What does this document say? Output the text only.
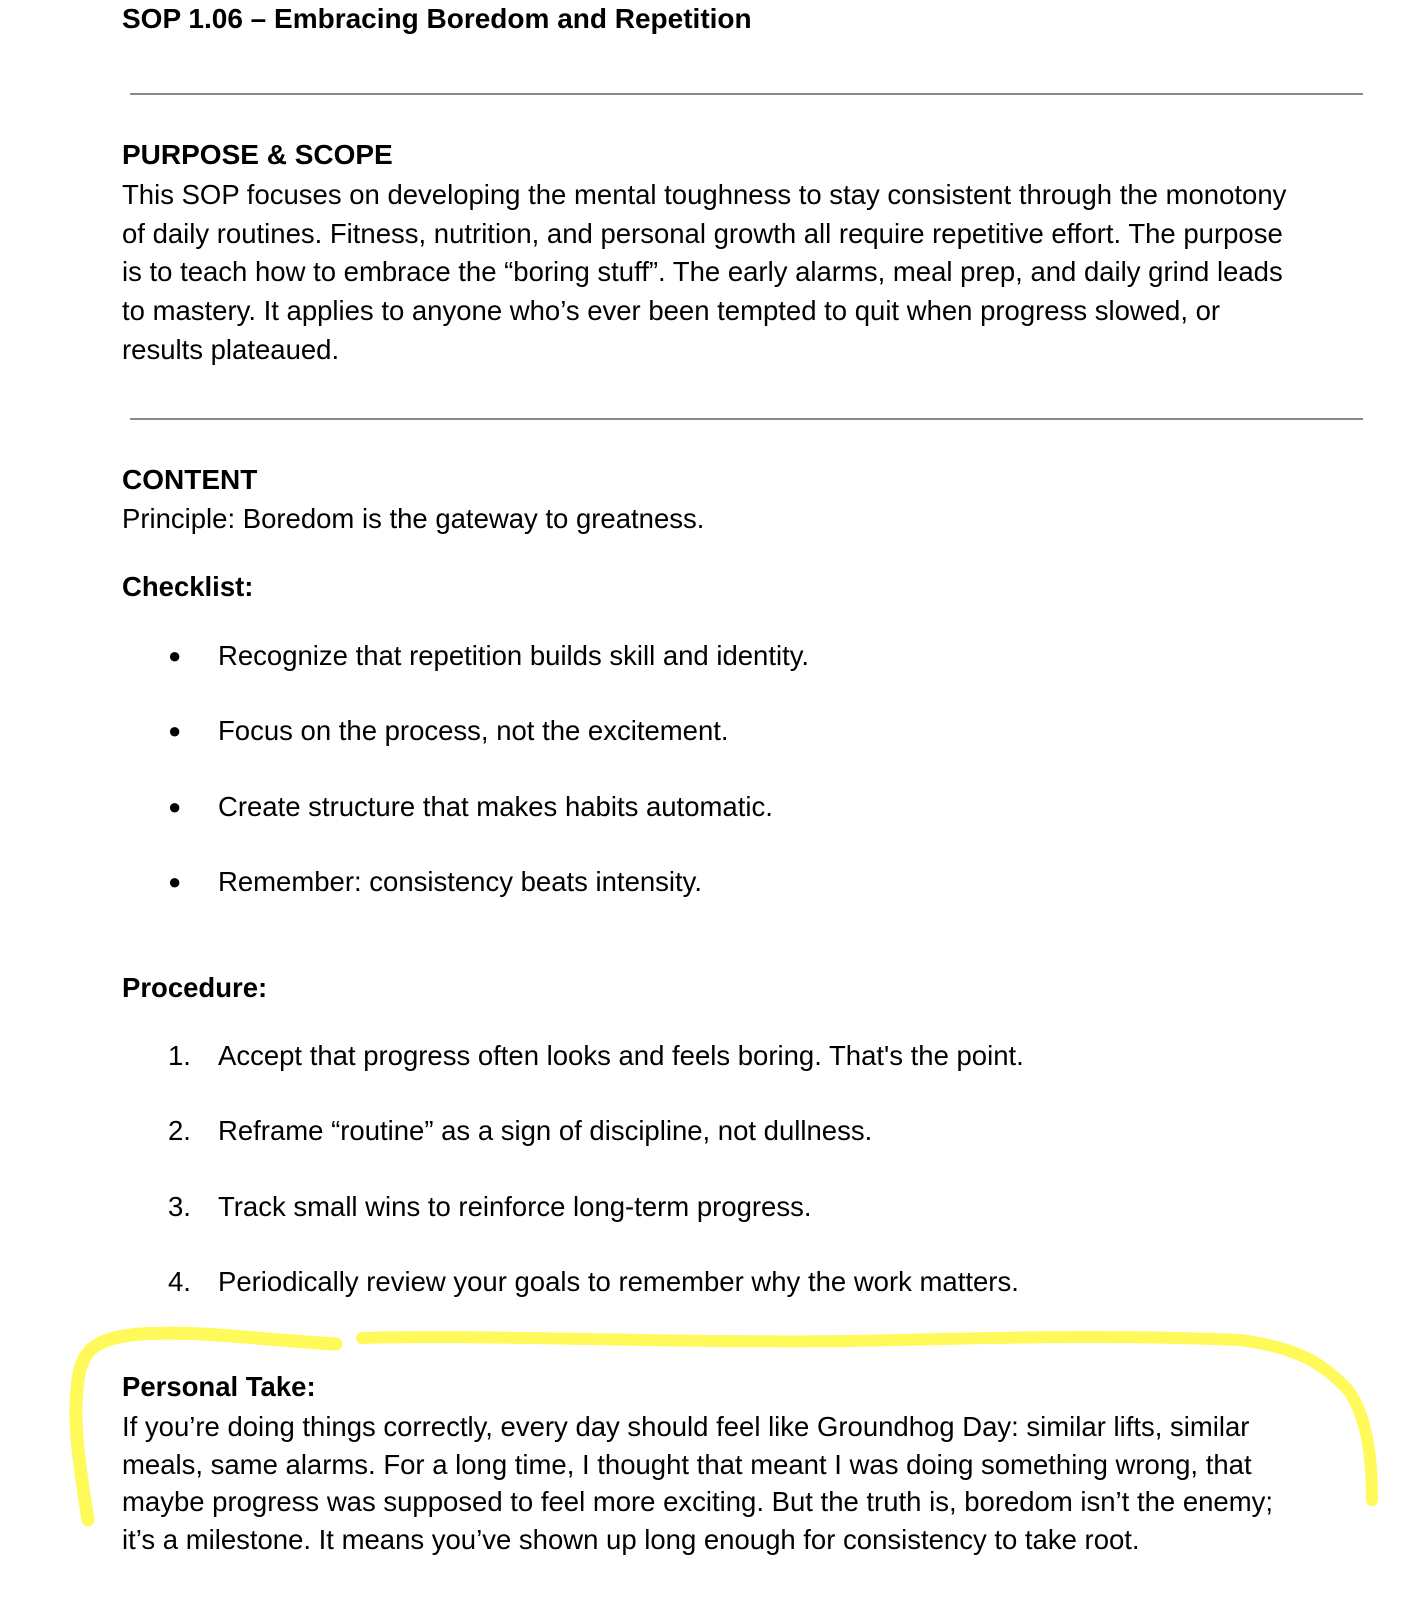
SOP 1.06 – Embracing Boredom and Repetition
PURPOSE & SCOPE
This SOP focuses on developing the mental toughness to stay consistent through the monotony
of daily routines. Fitness, nutrition, and personal growth all require repetitive effort. The purpose
is to teach how to embrace the “boring stuff”. The early alarms, meal prep, and daily grind leads
to mastery. It applies to anyone who’s ever been tempted to quit when progress slowed, or
results plateaued.
CONTENT
Principle: Boredom is the gateway to greatness.
Checklist:
● Recognize that repetition builds skill and identity.
● Focus on the process, not the excitement.
● Create structure that makes habits automatic.
● Remember: consistency beats intensity.
Procedure:
1. Accept that progress often looks and feels boring. That's the point.
2. Reframe “routine” as a sign of discipline, not dullness.
3. Track small wins to reinforce long-term progress.
4. Periodically review your goals to remember why the work matters.
Personal Take:
If you’re doing things correctly, every day should feel like Groundhog Day: similar lifts, similar
meals, same alarms. For a long time, I thought that meant I was doing something wrong, that
maybe progress was supposed to feel more exciting. But the truth is, boredom isn’t the enemy;
it’s a milestone. It means you’ve shown up long enough for consistency to take root.
